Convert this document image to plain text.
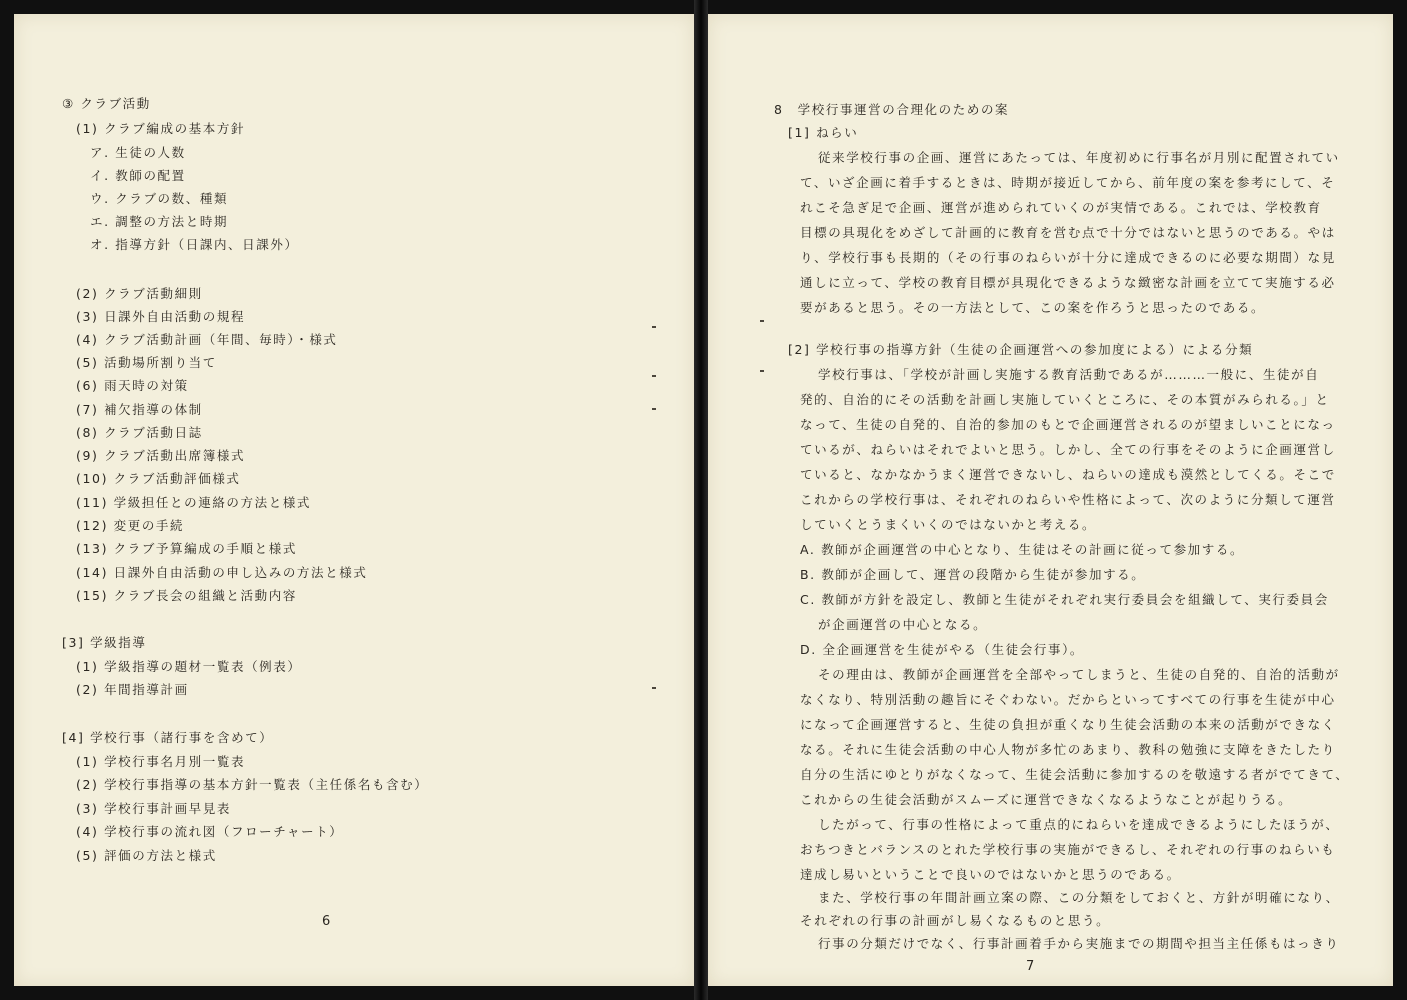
③ クラブ活動
(1) クラブ編成の基本方針
ア. 生徒の人数
イ. 教師の配置
ウ. クラブの数、種類
エ. 調整の方法と時期
オ. 指導方針（日課内、日課外）
(2) クラブ活動細則
(3) 日課外自由活動の規程
(4) クラブ活動計画（年間、毎時）・様式
(5) 活動場所割り当て
(6) 雨天時の対策
(7) 補欠指導の体制
(8) クラブ活動日誌
(9) クラブ活動出席簿様式
(10) クラブ活動評価様式
(11) 学級担任との連絡の方法と様式
(12) 変更の手続
(13) クラブ予算編成の手順と様式
(14) 日課外自由活動の申し込みの方法と様式
(15) クラブ長会の組織と活動内容
[3] 学級指導
(1) 学級指導の題材一覧表（例表）
(2) 年間指導計画
[4] 学校行事（諸行事を含めて）
(1) 学校行事名月別一覧表
(2) 学校行事指導の基本方針一覧表（主任係名も含む）
(3) 学校行事計画早見表
(4) 学校行事の流れ図（フローチャート）
(5) 評価の方法と様式
6
8　学校行事運営の合理化のための案
[1] ねらい
従来学校行事の企画、運営にあたっては、年度初めに行事名が月別に配置されてい
て、いざ企画に着手するときは、時期が接近してから、前年度の案を参考にして、そ
れこそ急ぎ足で企画、運営が進められていくのが実情である。これでは、学校教育
目標の具現化をめざして計画的に教育を営む点で十分ではないと思うのである。やは
り、学校行事も長期的（その行事のねらいが十分に達成できるのに必要な期間）な見
通しに立って、学校の教育目標が具現化できるような緻密な計画を立てて実施する必
要があると思う。その一方法として、この案を作ろうと思ったのである。
[2] 学校行事の指導方針（生徒の企画運営への参加度による）による分類
学校行事は、「学校が計画し実施する教育活動であるが………一般に、生徒が自
発的、自治的にその活動を計画し実施していくところに、その本質がみられる。」と
なって、生徒の自発的、自治的参加のもとで企画運営されるのが望ましいことになっ
ているが、ねらいはそれでよいと思う。しかし、全ての行事をそのように企画運営し
ていると、なかなかうまく運営できないし、ねらいの達成も漠然としてくる。そこで
これからの学校行事は、それぞれのねらいや性格によって、次のように分類して運営
していくとうまくいくのではないかと考える。
A. 教師が企画運営の中心となり、生徒はその計画に従って参加する。
B. 教師が企画して、運営の段階から生徒が参加する。
C. 教師が方針を設定し、教師と生徒がそれぞれ実行委員会を組織して、実行委員会
が企画運営の中心となる。
D. 全企画運営を生徒がやる（生徒会行事）。
その理由は、教師が企画運営を全部やってしまうと、生徒の自発的、自治的活動が
なくなり、特別活動の趣旨にそぐわない。だからといってすべての行事を生徒が中心
になって企画運営すると、生徒の負担が重くなり生徒会活動の本来の活動ができなく
なる。それに生徒会活動の中心人物が多忙のあまり、教科の勉強に支障をきたしたり
自分の生活にゆとりがなくなって、生徒会活動に参加するのを敬遠する者がでてきて、
これからの生徒会活動がスムーズに運営できなくなるようなことが起りうる。
したがって、行事の性格によって重点的にねらいを達成できるようにしたほうが、
おちつきとバランスのとれた学校行事の実施ができるし、それぞれの行事のねらいも
達成し易いということで良いのではないかと思うのである。
また、学校行事の年間計画立案の際、この分類をしておくと、方針が明確になり、
それぞれの行事の計画がし易くなるものと思う。
行事の分類だけでなく、行事計画着手から実施までの期間や担当主任係もはっきり
7
